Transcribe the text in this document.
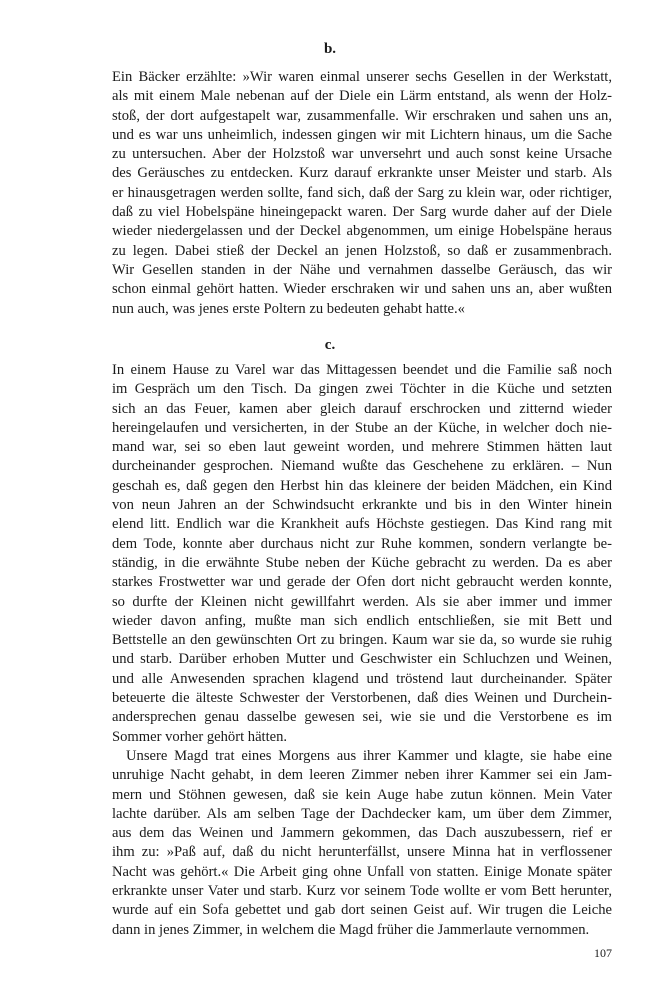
b.
Ein Bäcker erzählte: »Wir waren einmal unserer sechs Gesellen in der Werkstatt,
als mit einem Male nebenan auf der Diele ein Lärm entstand, als wenn der Holz-
stoß, der dort aufgestapelt war, zusammenfalle. Wir erschraken und sahen uns an,
und es war uns unheimlich, indessen gingen wir mit Lichtern hinaus, um die Sache
zu untersuchen. Aber der Holzstoß war unversehrt und auch sonst keine Ursache
des Geräusches zu entdecken. Kurz darauf erkrankte unser Meister und starb. Als
er hinausgetragen werden sollte, fand sich, daß der Sarg zu klein war, oder richtiger,
daß zu viel Hobelspäne hineingepackt waren. Der Sarg wurde daher auf der Diele
wieder niedergelassen und der Deckel abgenommen, um einige Hobelspäne heraus
zu legen. Dabei stieß der Deckel an jenen Holzstoß, so daß er zusammenbrach.
Wir Gesellen standen in der Nähe und vernahmen dasselbe Geräusch, das wir
schon einmal gehört hatten. Wieder erschraken wir und sahen uns an, aber wußten
nun auch, was jenes erste Poltern zu bedeuten gehabt hatte.«
c.
In einem Hause zu Varel war das Mittagessen beendet und die Familie saß noch
im Gespräch um den Tisch. Da gingen zwei Töchter in die Küche und setzten
sich an das Feuer, kamen aber gleich darauf erschrocken und zitternd wieder
hereingelaufen und versicherten, in der Stube an der Küche, in welcher doch nie-
mand war, sei so eben laut geweint worden, und mehrere Stimmen hätten laut
durcheinander gesprochen. Niemand wußte das Geschehene zu erklären. – Nun
geschah es, daß gegen den Herbst hin das kleinere der beiden Mädchen, ein Kind
von neun Jahren an der Schwindsucht erkrankte und bis in den Winter hinein
elend litt. Endlich war die Krankheit aufs Höchste gestiegen. Das Kind rang mit
dem Tode, konnte aber durchaus nicht zur Ruhe kommen, sondern verlangte be-
ständig, in die erwähnte Stube neben der Küche gebracht zu werden. Da es aber
starkes Frostwetter war und gerade der Ofen dort nicht gebraucht werden konnte,
so durfte der Kleinen nicht gewillfahrt werden. Als sie aber immer und immer
wieder davon anfing, mußte man sich endlich entschließen, sie mit Bett und
Bettstelle an den gewünschten Ort zu bringen. Kaum war sie da, so wurde sie ruhig
und starb. Darüber erhoben Mutter und Geschwister ein Schluchzen und Weinen,
und alle Anwesenden sprachen klagend und tröstend laut durcheinander. Später
beteuerte die älteste Schwester der Verstorbenen, daß dies Weinen und Durchein-
andersprechen genau dasselbe gewesen sei, wie sie und die Verstorbene es im
Sommer vorher gehört hätten.
Unsere Magd trat eines Morgens aus ihrer Kammer und klagte, sie habe eine
unruhige Nacht gehabt, in dem leeren Zimmer neben ihrer Kammer sei ein Jam-
mern und Stöhnen gewesen, daß sie kein Auge habe zutun können. Mein Vater
lachte darüber. Als am selben Tage der Dachdecker kam, um über dem Zimmer,
aus dem das Weinen und Jammern gekommen, das Dach auszubessern, rief er
ihm zu: »Paß auf, daß du nicht herunterfällst, unsere Minna hat in verflossener
Nacht was gehört.« Die Arbeit ging ohne Unfall von statten. Einige Monate später
erkrankte unser Vater und starb. Kurz vor seinem Tode wollte er vom Bett herunter,
wurde auf ein Sofa gebettet und gab dort seinen Geist auf. Wir trugen die Leiche
dann in jenes Zimmer, in welchem die Magd früher die Jammerlaute vernommen.
107
